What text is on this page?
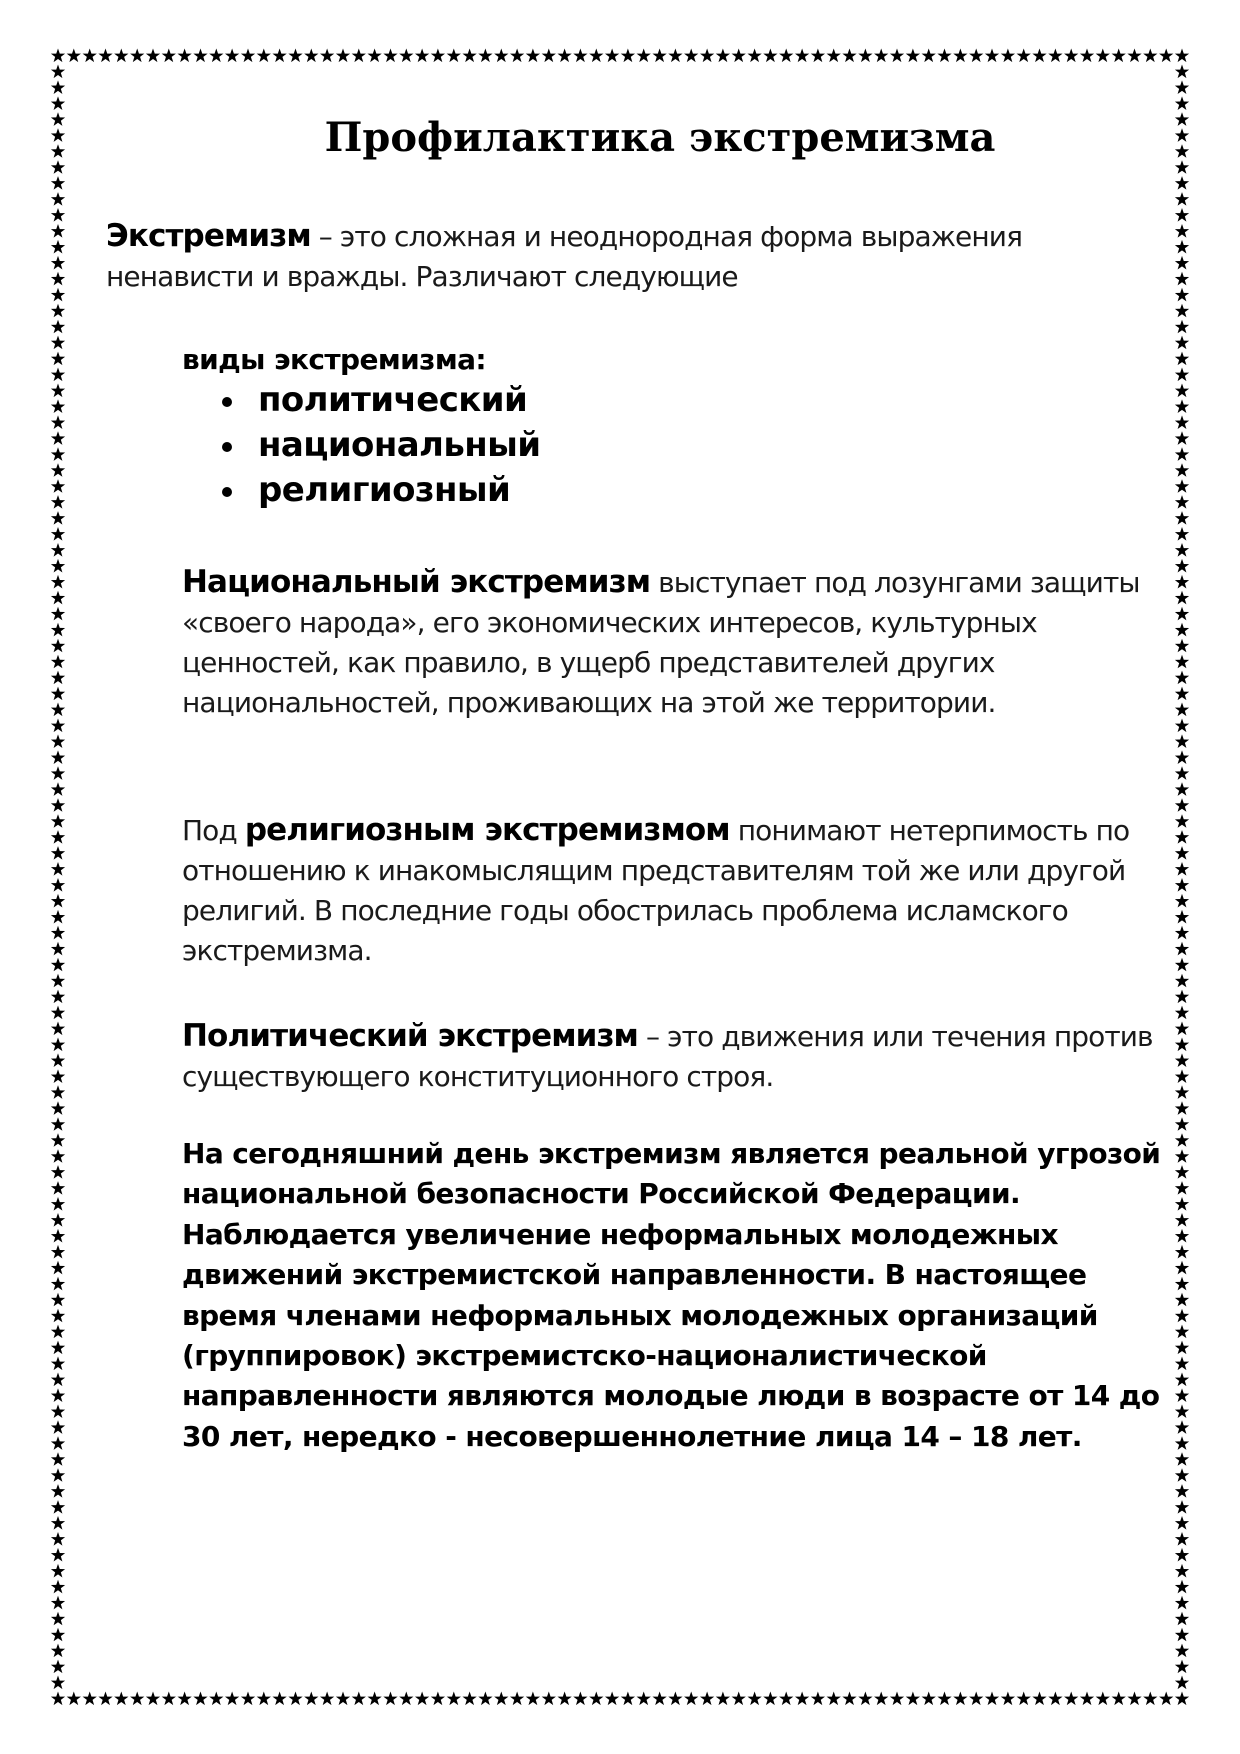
Профилактика экстремизма

Экстремизм – это сложная и неоднородная форма выражения ненависти и вражды. Различают следующие

виды экстремизма:

политический
национальный
религиозный

Национальный экстремизм выступает под лозунгами защиты «своего народа», его экономических интересов, культурных ценностей, как правило, в ущерб представителей других национальностей, проживающих на этой же территории.

Под религиозным экстремизмом понимают нетерпимость по отношению к инакомыслящим представителям той же или другой религий. В последние годы обострилась проблема исламского экстремизма.

Политический экстремизм – это движения или течения против существующего конституционного строя.

На сегодняшний день экстремизм является реальной угрозой национальной безопасности Российской Федерации. Наблюдается увеличение неформальных молодежных движений экстремистской направленности. В настоящее время членами неформальных молодежных организаций (группировок) экстремистско-националистической направленности являются молодые люди в возрасте от 14 до 30 лет, нередко - несовершеннолетние лица 14 – 18 лет.
